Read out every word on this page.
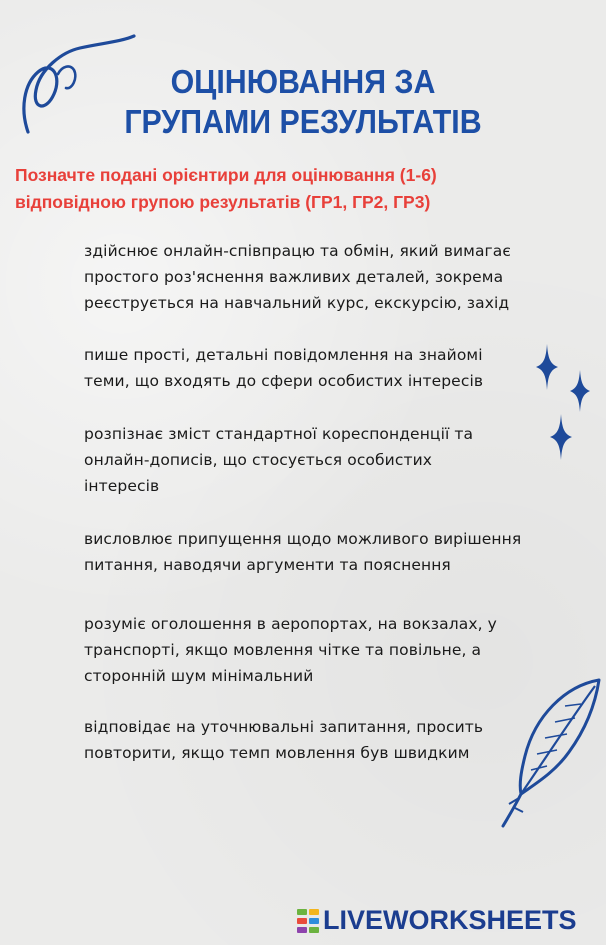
ОЦІНЮВАННЯ ЗА
ГРУПАМИ РЕЗУЛЬТАТІВ
Позначте подані орієнтири для оцінювання (1-6)
відповідною групою результатів (ГР1, ГР2, ГР3)
здійснює онлайн-співпрацю та обмін, який вимагає
простого роз'яснення важливих деталей, зокрема
реєструється на навчальний курс, екскурсію, захід
пише прості, детальні повідомлення на знайомі
теми, що входять до сфери особистих інтересів
розпізнає зміст стандартної кореспонденції та
онлайн-дописів, що стосується особистих
інтересів
висловлює припущення щодо можливого вирішення
питання, наводячи аргументи та пояснення
розуміє оголошення в аеропортах, на вокзалах, у
транспорті, якщо мовлення чітке та повільне, а
сторонній шум мінімальний
відповідає на уточнювальні запитання, просить
повторити, якщо темп мовлення був швидким
LIVEWORKSHEETS
